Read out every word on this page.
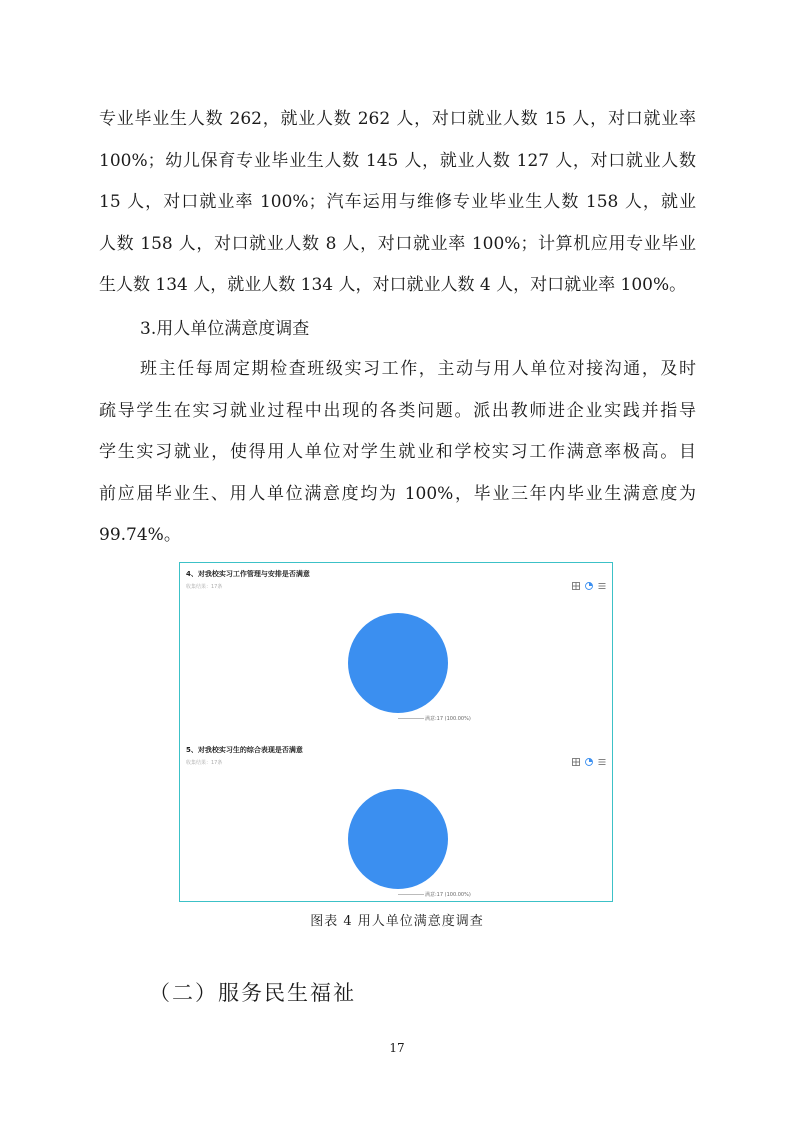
专业毕业生人数 262，就业人数 262 人，对口就业人数 15 人，对口就业率
100%；幼儿保育专业毕业生人数 145 人，就业人数 127 人，对口就业人数
15 人，对口就业率 100%；汽车运用与维修专业毕业生人数 158 人，就业
人数 158 人，对口就业人数 8 人，对口就业率 100%；计算机应用专业毕业
生人数 134 人，就业人数 134 人，对口就业人数 4 人，对口就业率 100%。
3.用人单位满意度调查
班主任每周定期检查班级实习工作，主动与用人单位对接沟通，及时
疏导学生在实习就业过程中出现的各类问题。派出教师进企业实践并指导
学生实习就业，使得用人单位对学生就业和学校实习工作满意率极高。目
前应届毕业生、用人单位满意度均为 100%，毕业三年内毕业生满意度为
99.74%。
4、对我校实习工作管理与安排是否满意
收集结果：17条
满意:17 (100.00%)
5、对我校实习生的综合表现是否满意
收集结果：17条
满意:17 (100.00%)
图表 4 用人单位满意度调查
（二）服务民生福祉
17
